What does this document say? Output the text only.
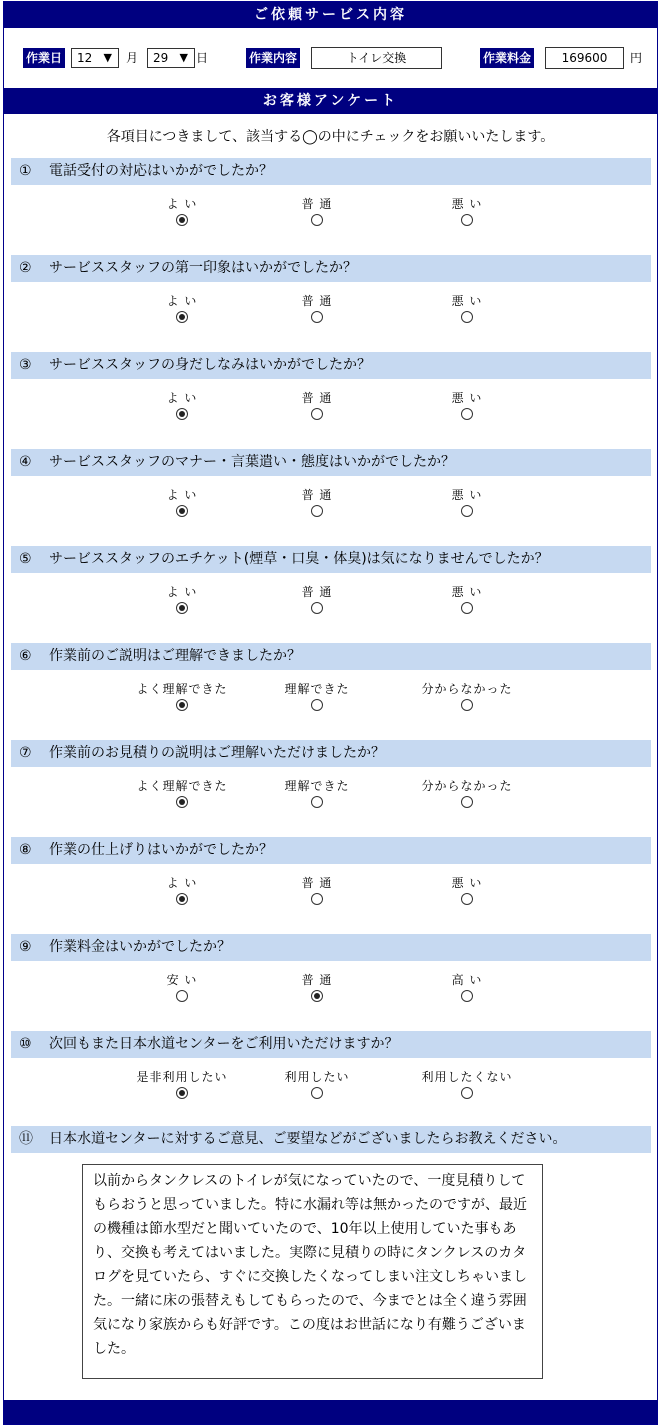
ご依頼サービス内容
作業日	12 ▼ 月	29 ▼ 日	作業内容	トイレ交換	作業料金	169600	円
お客様アンケート
各項目につきまして、該当する◯の中にチェックをお願いいたします。
① 電話受付の対応はいかがでしたか？
よ い	普 通	悪 い
② サービススタッフの第一印象はいかがでしたか？
よ い	普 通	悪 い
③ サービススタッフの身だしなみはいかがでしたか？
よ い	普 通	悪 い
④ サービススタッフのマナー・言葉遣い・態度はいかがでしたか？
よ い	普 通	悪 い
⑤ サービススタッフのエチケット(煙草・口臭・体臭)は気になりませんでしたか？
よ い	普 通	悪 い
⑥ 作業前のご説明はご理解できましたか？
よく理解できた	理解できた	分からなかった
⑦ 作業前のお見積りの説明はご理解いただけましたか？
よく理解できた	理解できた	分からなかった
⑧ 作業の仕上げりはいかがでしたか？
よ い	普 通	悪 い
⑨ 作業料金はいかがでしたか？
安 い	普 通	高 い
⑩ 次回もまた日本水道センターをご利用いただけますか？
是非利用したい	利用したい	利用したくない
⑪ 日本水道センターに対するご意見、ご要望などがございましたらお教えください。
以前からタンクレスのトイレが気になっていたので、一度見積りしてもらおうと思っていました。特に水漏れ等は無かったのですが、最近の機種は節水型だと聞いていたので、10年以上使用していた事もあり、交換も考えてはいました。実際に見積りの時にタンクレスのカタログを見ていたら、すぐに交換したくなってしまい注文しちゃいました。一緒に床の張替えもしてもらったので、今までとは全く違う雰囲気になり家族からも好評です。この度はお世話になり有難うございました。
